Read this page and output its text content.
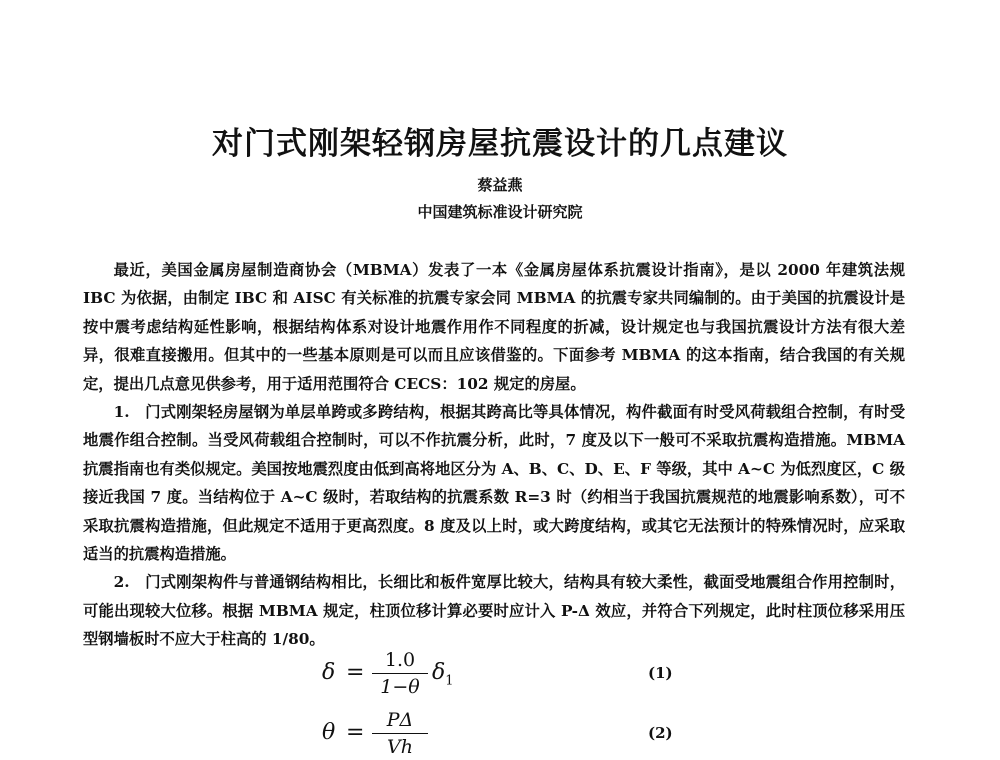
对门式刚架轻钢房屋抗震设计的几点建议
蔡益燕
中国建筑标准设计研究院

最近，美国金属房屋制造商协会（MBMA）发表了一本《金属房屋体系抗震设计指南》，是以 2000 年建筑法规 IBC 为依据，由制定 IBC 和 AISC 有关标准的抗震专家会同 MBMA 的抗震专家共同编制的。由于美国的抗震设计是按中震考虑结构延性影响，根据结构体系对设计地震作用作不同程度的折减，设计规定也与我国抗震设计方法有很大差异，很难直接搬用。但其中的一些基本原则是可以而且应该借鉴的。下面参考 MBMA 的这本指南，结合我国的有关规定，提出几点意见供参考，用于适用范围符合 CECS：102 规定的房屋。

1.　门式刚架轻房屋钢为单层单跨或多跨结构，根据其跨高比等具体情况，构件截面有时受风荷载组合控制，有时受地震作组合控制。当受风荷载组合控制时，可以不作抗震分析，此时，7 度及以下一般可不采取抗震构造措施。MBMA 抗震指南也有类似规定。美国按地震烈度由低到高将地区分为 A、B、C、D、E、F 等级，其中 A~C 为低烈度区，C 级接近我国 7 度。当结构位于 A~C 级时，若取结构的抗震系数 R=3 时（约相当于我国抗震规范的地震影响系数），可不采取抗震构造措施，但此规定不适用于更高烈度。8 度及以上时，或大跨度结构，或其它无法预计的特殊情况时，应采取适当的抗震构造措施。

2.　门式刚架构件与普通钢结构相比，长细比和板件宽厚比较大，结构具有较大柔性，截面受地震组合作用控制时，可能出现较大位移。根据 MBMA 规定，柱顶位移计算必要时应计入 P-Δ 效应，并符合下列规定，此时柱顶位移采用压型钢墙板时不应大于柱高的 1/80。

δ =	1.0
1−θ
$\delta_1$	(1)
θ =	PΔ
Vh
(2)
